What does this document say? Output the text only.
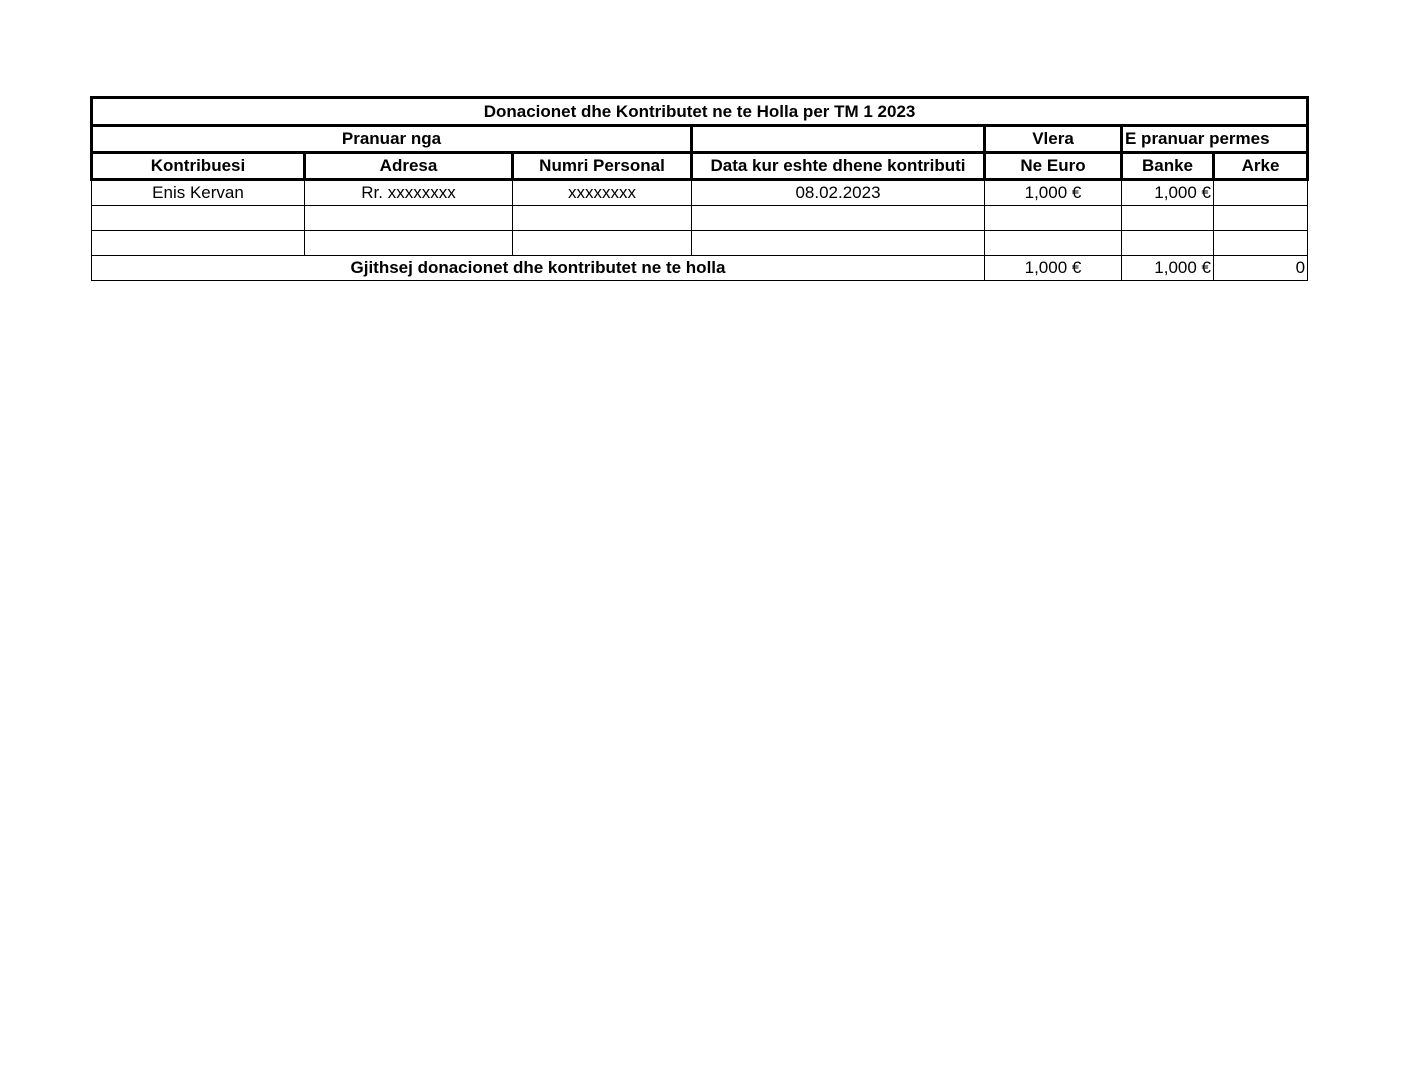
Donacionet dhe Kontributet ne te Holla per TM 1 2023						
Pranuar nga				Vlera	E pranuar permes	
Kontribuesi	Adresa	Numri Personal	Data kur eshte dhene kontributi	Ne Euro	Banke	Arke
Enis Kervan	Rr. xxxxxxxx	xxxxxxxx	08.02.2023	1,000 €	1,000 €	

Gjithsej donacionet dhe kontributet ne te holla				1,000 €	1,000 €	0
